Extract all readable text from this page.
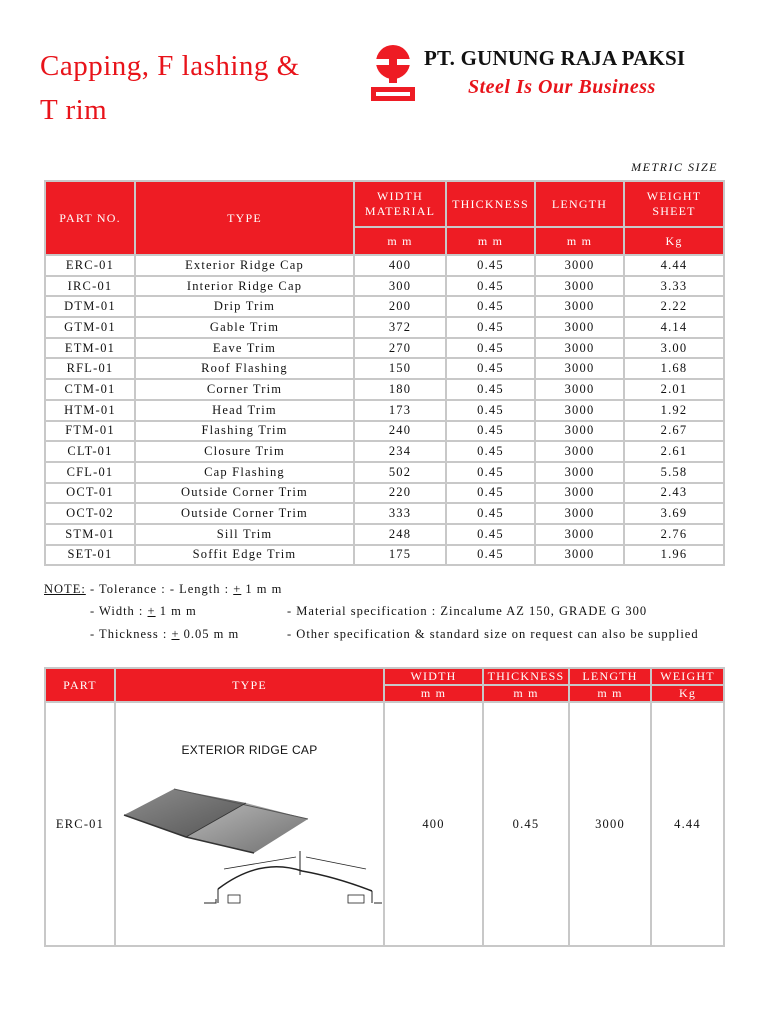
Capping, F lashing &
T rim
PT. GUNUNG RAJA PAKSI
Steel Is Our Business
METRIC SIZE
PART NO.	TYPE	WIDTH MATERIAL	THICKNESS	LENGTH	WEIGHT SHEET
		m m	m m	m m	Kg
ERC-01	Exterior Ridge Cap	400	0.45	3000	4.44
IRC-01	Interior Ridge Cap	300	0.45	3000	3.33
DTM-01	Drip Trim	200	0.45	3000	2.22
GTM-01	Gable Trim	372	0.45	3000	4.14
ETM-01	Eave Trim	270	0.45	3000	3.00
RFL-01	Roof Flashing	150	0.45	3000	1.68
CTM-01	Corner Trim	180	0.45	3000	2.01
HTM-01	Head Trim	173	0.45	3000	1.92
FTM-01	Flashing Trim	240	0.45	3000	2.67
CLT-01	Closure Trim	234	0.45	3000	2.61
CFL-01	Cap Flashing	502	0.45	3000	5.58
OCT-01	Outside Corner Trim	220	0.45	3000	2.43
OCT-02	Outside Corner Trim	333	0.45	3000	3.69
STM-01	Sill Trim	248	0.45	3000	2.76
SET-01	Soffit Edge Trim	175	0.45	3000	1.96
NOTE: - Tolerance : - Length : + 1 m m
- Width : + 1 m m	- Material specification : Zincalume AZ 150, GRADE G 300
- Thickness : + 0.05 m m	- Other specification & standard size on request can also be supplied
PART	TYPE	WIDTH	THICKNESS	LENGTH	WEIGHT
		m m	m m	m m	Kg
ERC-01	EXTERIOR RIDGE CAP	400	0.45	3000	4.44
